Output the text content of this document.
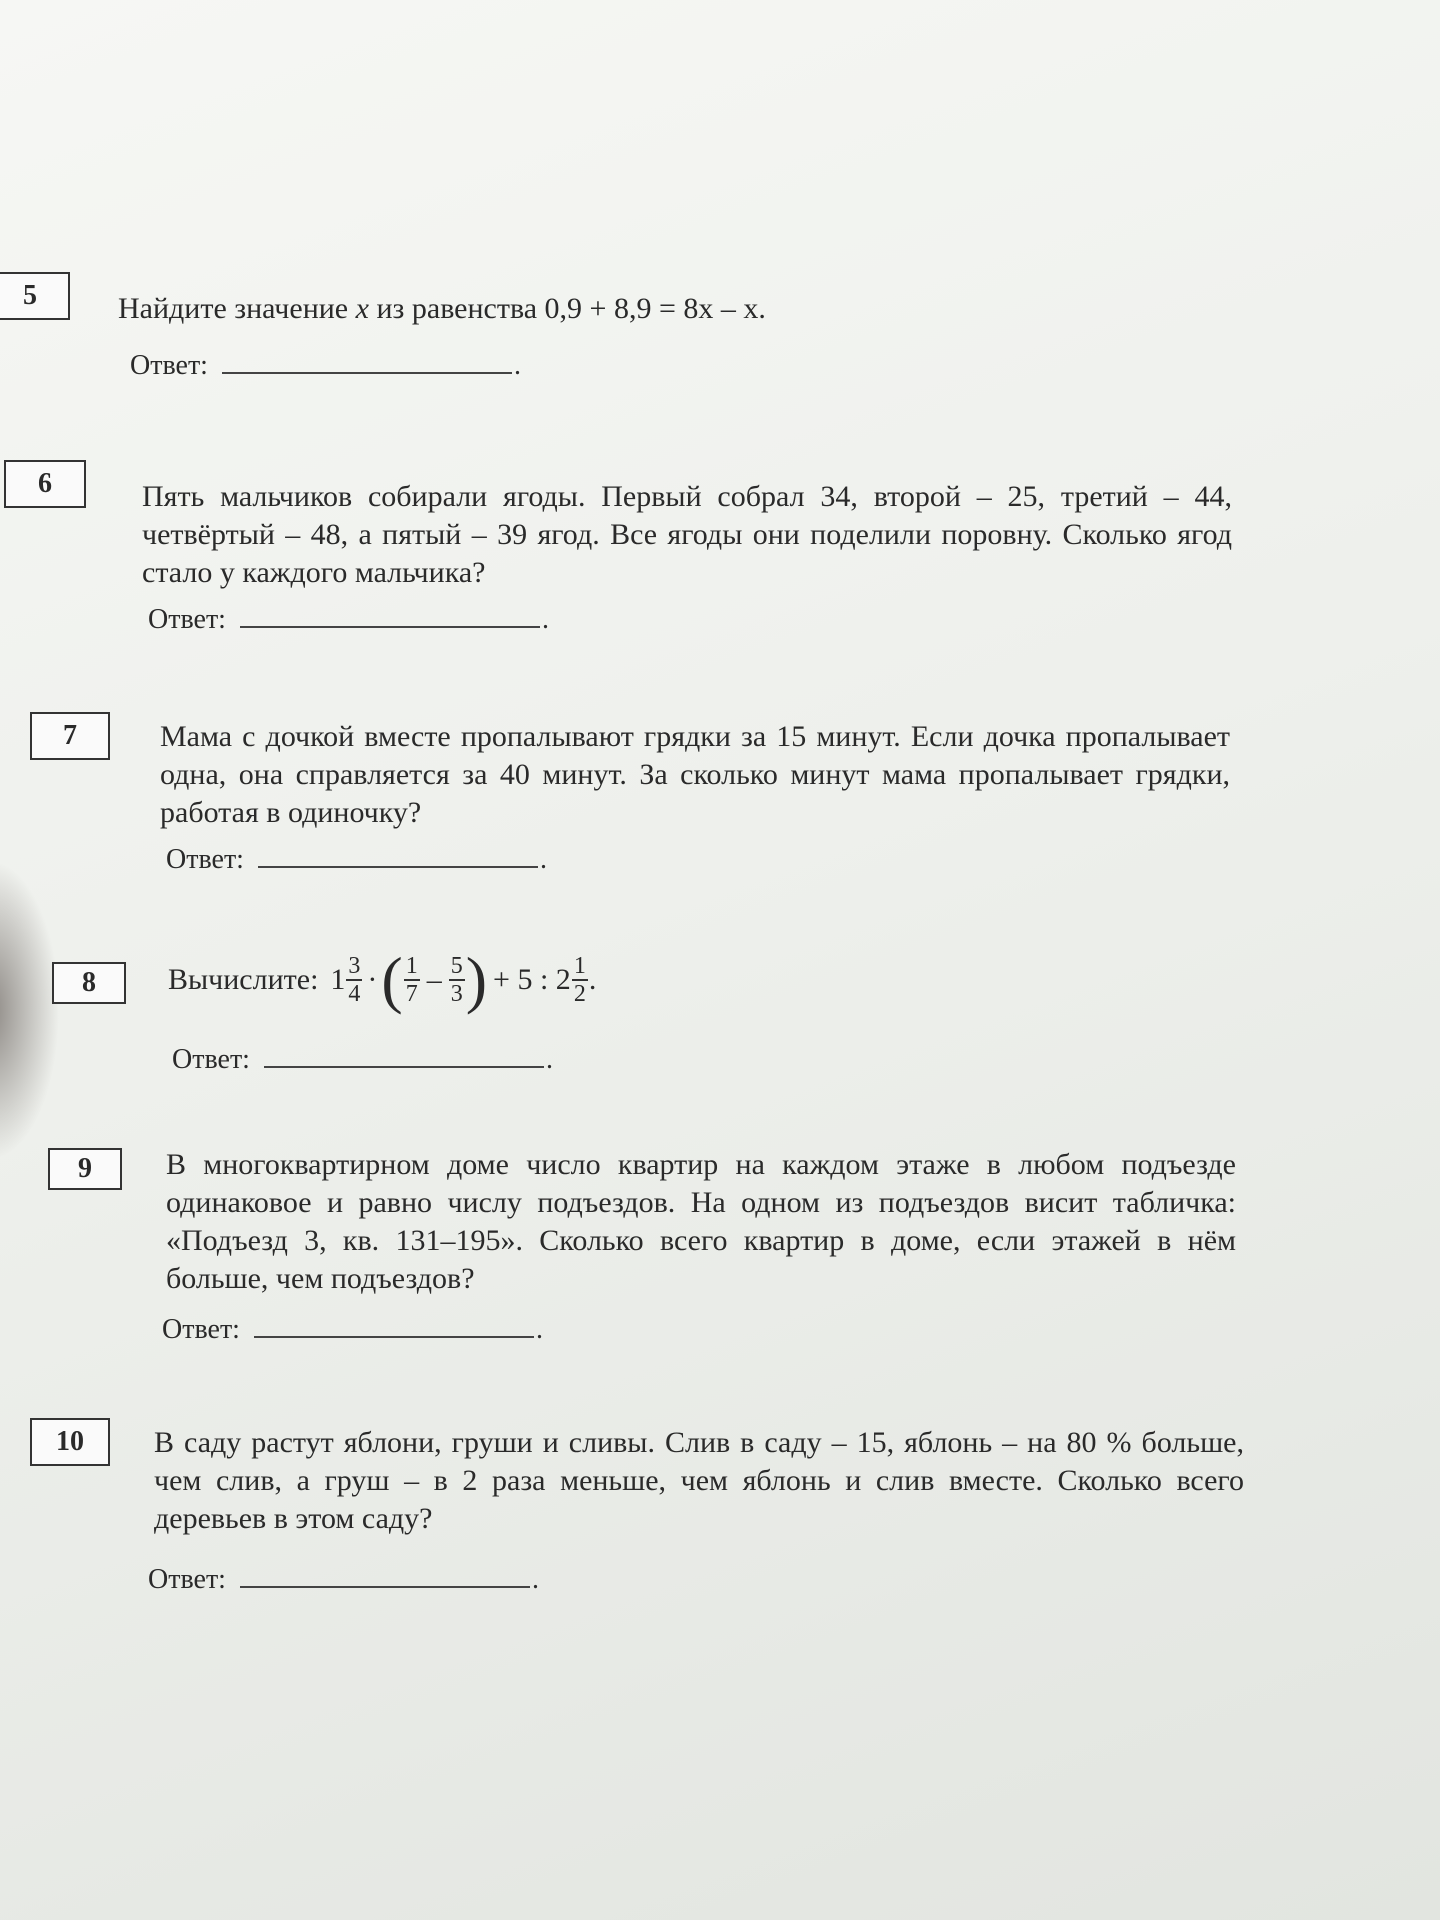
5	Найдите значение x из равенства 0,9 + 8,9 = 8x – x.
Ответ:	.
6	Пять мальчиков собирали ягоды. Первый собрал 34, второй – 25, третий – 44, четвёртый – 48, а пятый – 39 ягод. Все ягоды они поделили поровну. Сколько ягод стало у каждого мальчика?
Ответ:	.
7	Мама с дочкой вместе пропалывают грядки за 15 минут. Если дочка пропалывает одна, она справляется за 40 минут. За сколько минут мама пропалывает грядки, работая в одиночку?
Ответ:	.
8	Вычислите: $1 \frac{3}{4}$ · ( $\frac{1}{7} - \frac{5}{3}$ ) + 5 : $2 \frac{1}{2}$ .
Ответ:	.
9	В многоквартирном доме число квартир на каждом этаже в любом подъезде одинаковое и равно числу подъездов. На одном из подъездов висит табличка: «Подъезд 3, кв. 131–195». Сколько всего квартир в доме, если этажей в нём больше, чем подъездов?
Ответ:	.
10	В саду растут яблони, груши и сливы. Слив в саду – 15, яблонь – на 80 % больше, чем слив, а груш – в 2 раза меньше, чем яблонь и слив вместе. Сколько всего деревьев в этом саду?
Ответ:	.
